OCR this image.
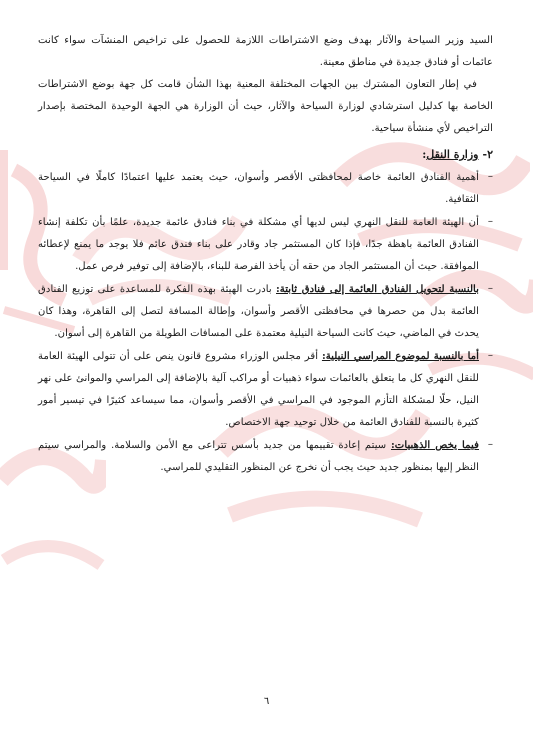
السيد وزير السياحة والآثار بهدف وضع الاشتراطات اللازمة للحصول على تراخيص المنشآت سواء كانت عائمات أو فنادق جديدة في مناطق معينة.

في إطار التعاون المشترك بين الجهات المختلفة المعنية بهذا الشأن قامت كل جهة بوضع الاشتراطات الخاصة بها كدليل استرشادي لوزارة السياحة والآثار، حيث أن الوزارة هي الجهة الوحيدة المختصة بإصدار التراخيص لأي منشأة سياحية.

٢-وزارة النقل:

–
أهمية الفنادق العائمة خاصة لمحافظتى الأقصر وأسوان، حيث يعتمد عليها اعتمادًا كاملًا في السياحة الثقافية.
–
أن الهيئة العامة للنقل النهري ليس لديها أي مشكلة في بناء فنادق عائمة جديدة، علمًا بأن تكلفة إنشاء الفنادق العائمة باهظة جدًا، فإذا كان المستثمر جاد وقادر على بناء فندق عائم فلا يوجد ما يمنع لإعطائه الموافقة. حيث أن المستثمر الجاد من حقه أن يأخذ الفرصة للبناء، بالإضافة إلى توفير فرص عمل.
–
بالنسبة لتحويل الفنادق العائمة إلى فنادق ثابتة: بادرت الهيئة بهذه الفكرة للمساعدة على توزيع الفنادق العائمة بدل من حصرها في محافظتى الأقصر وأسوان، وإطالة المسافة لتصل إلى القاهرة، وهذا كان يحدث في الماضي، حيث كانت السياحة النيلية معتمدة على المسافات الطويلة من القاهرة إلى أسوان.
–
أما بالنسبة لموضوع المراسي النيلية: أقر مجلس الوزراء مشروع قانون ينص على أن تتولى الهيئة العامة للنقل النهري كل ما يتعلق بالعائمات سواء ذهبيات أو مراكب آلية بالإضافة إلى المراسي والموانئ على نهر النيل، حلًا لمشكلة التأزم الموجود في المراسي في الأقصر وأسوان، مما سيساعد كثيرًا في تيسير أمور كثيرة بالنسبة للفنادق العائمة من خلال توحيد جهة الاختصاص.
–
فيما يخص الذهبيات: سيتم إعادة تقييمها من جديد بأسس تتراعى مع الأمن والسلامة. والمراسي سيتم النظر إليها بمنظور جديد حيث يجب أن نخرج عن المنظور التقليدي للمراسي.
٦
